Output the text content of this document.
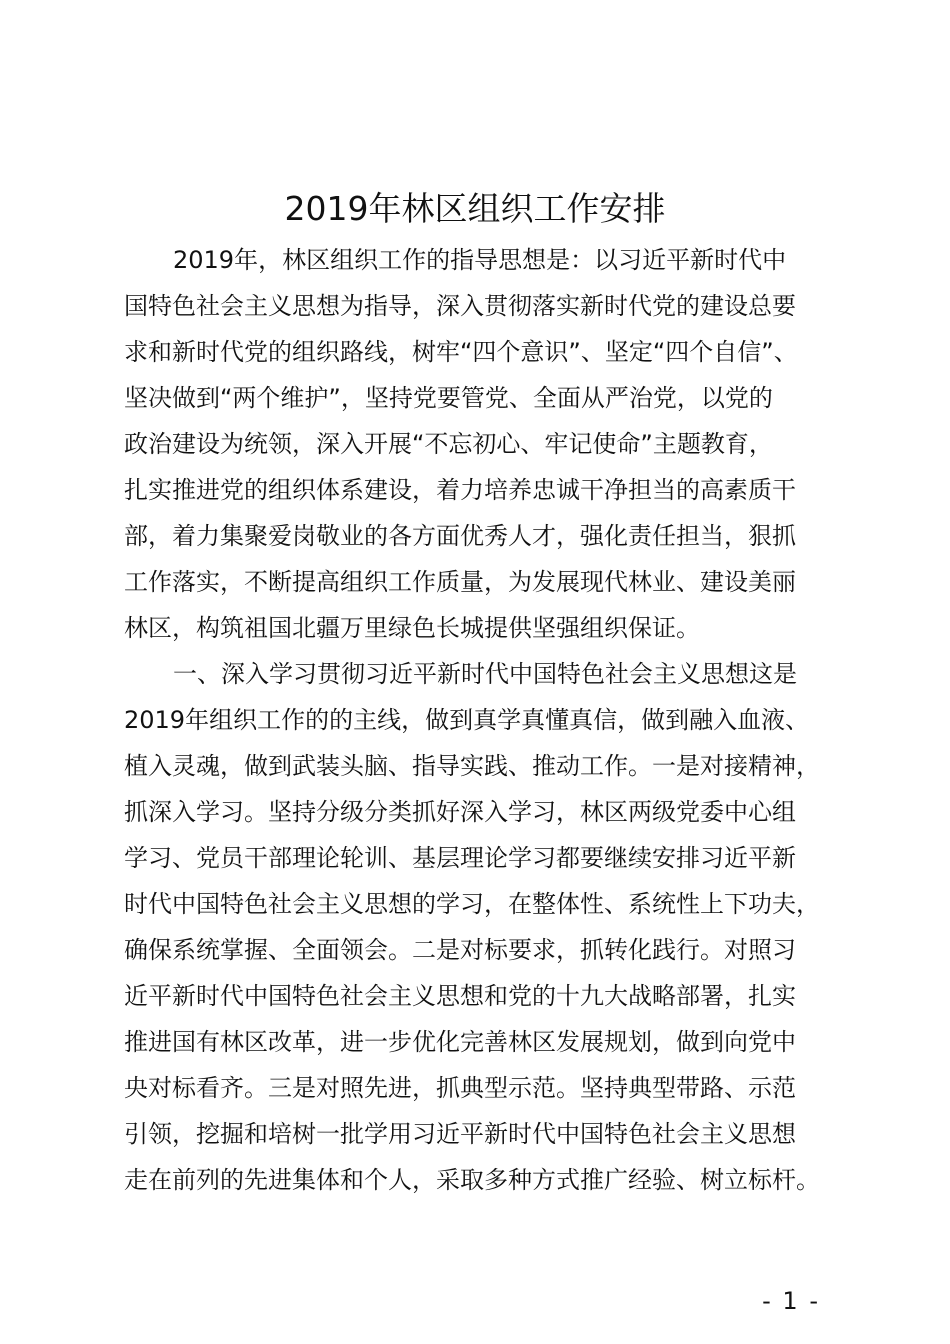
2019年林区组织工作安排
2019年，林区组织工作的指导思想是：以习近平新时代中
国特色社会主义思想为指导，深入贯彻落实新时代党的建设总要
求和新时代党的组织路线，树牢“四个意识”、坚定“四个自信”、
坚决做到“两个维护”，坚持党要管党、全面从严治党，以党的
政治建设为统领，深入开展“不忘初心、牢记使命”主题教育，
扎实推进党的组织体系建设，着力培养忠诚干净担当的高素质干
部，着力集聚爱岗敬业的各方面优秀人才，强化责任担当，狠抓
工作落实，不断提高组织工作质量，为发展现代林业、建设美丽
林区，构筑祖国北疆万里绿色长城提供坚强组织保证。
一、深入学习贯彻习近平新时代中国特色社会主义思想这是
2019年组织工作的的主线，做到真学真懂真信，做到融入血液、
植入灵魂，做到武装头脑、指导实践、推动工作。一是对接精神，
抓深入学习。坚持分级分类抓好深入学习，林区两级党委中心组
学习、党员干部理论轮训、基层理论学习都要继续安排习近平新
时代中国特色社会主义思想的学习，在整体性、系统性上下功夫，
确保系统掌握、全面领会。二是对标要求，抓转化践行。对照习
近平新时代中国特色社会主义思想和党的十九大战略部署，扎实
推进国有林区改革，进一步优化完善林区发展规划，做到向党中
央对标看齐。三是对照先进，抓典型示范。坚持典型带路、示范
引领，挖掘和培树一批学用习近平新时代中国特色社会主义思想
走在前列的先进集体和个人，采取多种方式推广经验、树立标杆。
- 1 -
